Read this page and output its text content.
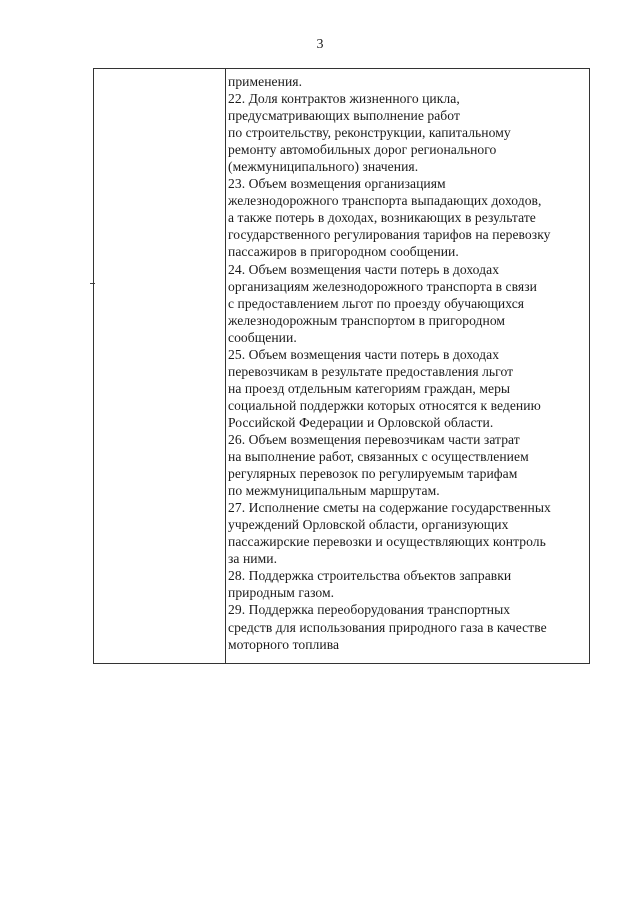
3
применения.
22. Доля контрактов жизненного цикла,
предусматривающих выполнение работ
по строительству, реконструкции, капитальному
ремонту автомобильных дорог регионального
(межмуниципального) значения.
23. Объем возмещения организациям
железнодорожного транспорта выпадающих доходов,
а также потерь в доходах, возникающих в результате
государственного регулирования тарифов на перевозку
пассажиров в пригородном сообщении.
24. Объем возмещения части потерь в доходах
организациям железнодорожного транспорта в связи
с предоставлением льгот по проезду обучающихся
железнодорожным транспортом в пригородном
сообщении.
25. Объем возмещения части потерь в доходах
перевозчикам в результате предоставления льгот
на проезд отдельным категориям граждан, меры
социальной поддержки которых относятся к ведению
Российской Федерации и Орловской области.
26. Объем возмещения перевозчикам части затрат
на выполнение работ, связанных с осуществлением
регулярных перевозок по регулируемым тарифам
по межмуниципальным маршрутам.
27. Исполнение сметы на содержание государственных
учреждений Орловской области, организующих
пассажирские перевозки и осуществляющих контроль
за ними.
28. Поддержка строительства объектов заправки
природным газом.
29. Поддержка переоборудования транспортных
средств для использования природного газа в качестве
моторного топлива
